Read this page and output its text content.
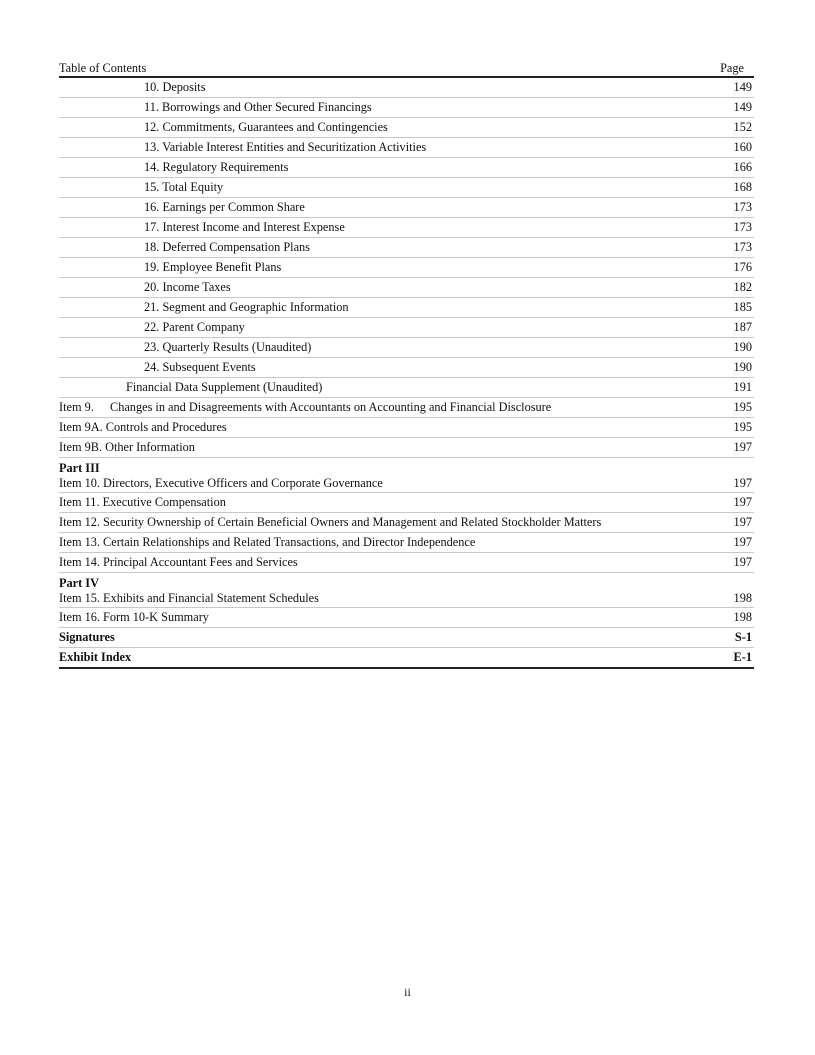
Table of Contents	Page
10. Deposits	149
11. Borrowings and Other Secured Financings	149
12. Commitments, Guarantees and Contingencies	152
13. Variable Interest Entities and Securitization Activities	160
14. Regulatory Requirements	166
15. Total Equity	168
16. Earnings per Common Share	173
17. Interest Income and Interest Expense	173
18. Deferred Compensation Plans	173
19. Employee Benefit Plans	176
20. Income Taxes	182
21. Segment and Geographic Information	185
22. Parent Company	187
23. Quarterly Results (Unaudited)	190
24. Subsequent Events	190
Financial Data Supplement (Unaudited)	191
Item 9. Changes in and Disagreements with Accountants on Accounting and Financial Disclosure	195
Item 9A. Controls and Procedures	195
Item 9B. Other Information	197
Part III
Item 10. Directors, Executive Officers and Corporate Governance	197
Item 11. Executive Compensation	197
Item 12. Security Ownership of Certain Beneficial Owners and Management and Related Stockholder Matters	197
Item 13. Certain Relationships and Related Transactions, and Director Independence	197
Item 14. Principal Accountant Fees and Services	197
Part IV
Item 15. Exhibits and Financial Statement Schedules	198
Item 16. Form 10-K Summary	198
Signatures	S-1
Exhibit Index	E-1
ii
